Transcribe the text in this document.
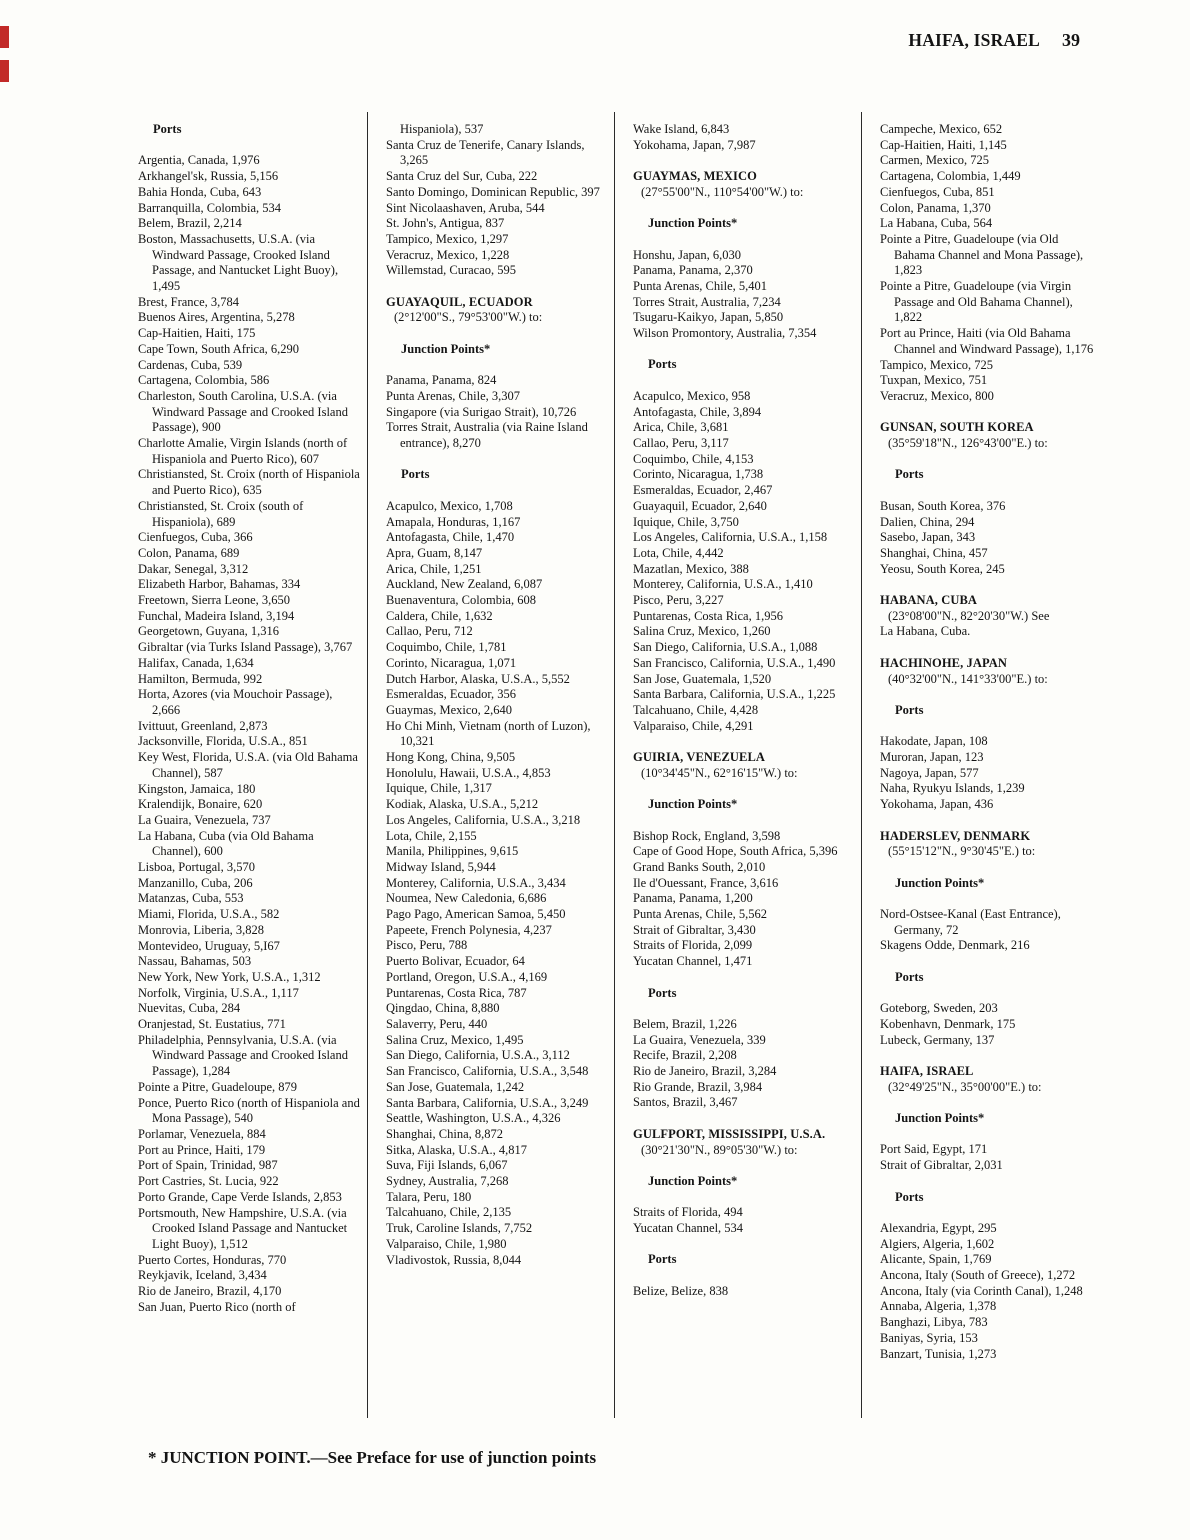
HAIFA, ISRAEL 39
Ports
Argentia, Canada, 1,976
Arkhangel'sk, Russia, 5,156
Bahia Honda, Cuba, 643
Barranquilla, Colombia, 534
Belem, Brazil, 2,214
Boston, Massachusetts, U.S.A. (via Windward Passage, Crooked Island Passage, and Nantucket Light Buoy), 1,495
Brest, France, 3,784
Buenos Aires, Argentina, 5,278
Cap-Haitien, Haiti, 175
Cape Town, South Africa, 6,290
Cardenas, Cuba, 539
Cartagena, Colombia, 586
Charleston, South Carolina, U.S.A. (via Windward Passage and Crooked Island Passage), 900
Charlotte Amalie, Virgin Islands (north of Hispaniola and Puerto Rico), 607
Christiansted, St. Croix (north of Hispaniola and Puerto Rico), 635
Christiansted, St. Croix (south of Hispaniola), 689
Cienfuegos, Cuba, 366
Colon, Panama, 689
Dakar, Senegal, 3,312
Elizabeth Harbor, Bahamas, 334
Freetown, Sierra Leone, 3,650
Funchal, Madeira Island, 3,194
Georgetown, Guyana, 1,316
Gibraltar (via Turks Island Passage), 3,767
Halifax, Canada, 1,634
Hamilton, Bermuda, 992
Horta, Azores (via Mouchoir Passage), 2,666
Ivittuut, Greenland, 2,873
Jacksonville, Florida, U.S.A., 851
Key West, Florida, U.S.A. (via Old Bahama Channel), 587
Kingston, Jamaica, 180
Kralendijk, Bonaire, 620
La Guaira, Venezuela, 737
La Habana, Cuba (via Old Bahama Channel), 600
Lisboa, Portugal, 3,570
Manzanillo, Cuba, 206
Matanzas, Cuba, 553
Miami, Florida, U.S.A., 582
Monrovia, Liberia, 3,828
Montevideo, Uruguay, 5,I67
Nassau, Bahamas, 503
New York, New York, U.S.A., 1,312
Norfolk, Virginia, U.S.A., 1,117
Nuevitas, Cuba, 284
Oranjestad, St. Eustatius, 771
Philadelphia, Pennsylvania, U.S.A. (via Windward Passage and Crooked Island Passage), 1,284
Pointe a Pitre, Guadeloupe, 879
Ponce, Puerto Rico (north of Hispaniola and Mona Passage), 540
Porlamar, Venezuela, 884
Port au Prince, Haiti, 179
Port of Spain, Trinidad, 987
Port Castries, St. Lucia, 922
Porto Grande, Cape Verde Islands, 2,853
Portsmouth, New Hampshire, U.S.A. (via Crooked Island Passage and Nantucket Light Buoy), 1,512
Puerto Cortes, Honduras, 770
Reykjavik, Iceland, 3,434
Rio de Janeiro, Brazil, 4,170
San Juan, Puerto Rico (north of
Hispaniola), 537
Santa Cruz de Tenerife, Canary Islands, 3,265
Santa Cruz del Sur, Cuba, 222
Santo Domingo, Dominican Republic, 397
Sint Nicolaashaven, Aruba, 544
St. John's, Antigua, 837
Tampico, Mexico, 1,297
Veracruz, Mexico, 1,228
Willemstad, Curacao, 595
GUAYAQUIL, ECUADOR
(2°12'00"S., 79°53'00"W.) to:
Junction Points*
Panama, Panama, 824
Punta Arenas, Chile, 3,307
Singapore (via Surigao Strait), 10,726
Torres Strait, Australia (via Raine Island entrance), 8,270
Ports
Acapulco, Mexico, 1,708
Amapala, Honduras, 1,167
Antofagasta, Chile, 1,470
Apra, Guam, 8,147
Arica, Chile, 1,251
Auckland, New Zealand, 6,087
Buenaventura, Colombia, 608
Caldera, Chile, 1,632
Callao, Peru, 712
Coquimbo, Chile, 1,781
Corinto, Nicaragua, 1,071
Dutch Harbor, Alaska, U.S.A., 5,552
Esmeraldas, Ecuador, 356
Guaymas, Mexico, 2,640
Ho Chi Minh, Vietnam (north of Luzon), 10,321
Hong Kong, China, 9,505
Honolulu, Hawaii, U.S.A., 4,853
Iquique, Chile, 1,317
Kodiak, Alaska, U.S.A., 5,212
Los Angeles, California, U.S.A., 3,218
Lota, Chile, 2,155
Manila, Philippines, 9,615
Midway Island, 5,944
Monterey, California, U.S.A., 3,434
Noumea, New Caledonia, 6,686
Pago Pago, American Samoa, 5,450
Papeete, French Polynesia, 4,237
Pisco, Peru, 788
Puerto Bolivar, Ecuador, 64
Portland, Oregon, U.S.A., 4,169
Puntarenas, Costa Rica, 787
Qingdao, China, 8,880
Salaverry, Peru, 440
Salina Cruz, Mexico, 1,495
San Diego, California, U.S.A., 3,112
San Francisco, California, U.S.A., 3,548
San Jose, Guatemala, 1,242
Santa Barbara, California, U.S.A., 3,249
Seattle, Washington, U.S.A., 4,326
Shanghai, China, 8,872
Sitka, Alaska, U.S.A., 4,817
Suva, Fiji Islands, 6,067
Sydney, Australia, 7,268
Talara, Peru, 180
Talcahuano, Chile, 2,135
Truk, Caroline Islands, 7,752
Valparaiso, Chile, 1,980
Vladivostok, Russia, 8,044
Wake Island, 6,843
Yokohama, Japan, 7,987
GUAYMAS, MEXICO
(27°55'00"N., 110°54'00"W.) to:
Junction Points*
Honshu, Japan, 6,030
Panama, Panama, 2,370
Punta Arenas, Chile, 5,401
Torres Strait, Australia, 7,234
Tsugaru-Kaikyo, Japan, 5,850
Wilson Promontory, Australia, 7,354
Ports
Acapulco, Mexico, 958
Antofagasta, Chile, 3,894
Arica, Chile, 3,681
Callao, Peru, 3,117
Coquimbo, Chile, 4,153
Corinto, Nicaragua, 1,738
Esmeraldas, Ecuador, 2,467
Guayaquil, Ecuador, 2,640
Iquique, Chile, 3,750
Los Angeles, California, U.S.A., 1,158
Lota, Chile, 4,442
Mazatlan, Mexico, 388
Monterey, California, U.S.A., 1,410
Pisco, Peru, 3,227
Puntarenas, Costa Rica, 1,956
Salina Cruz, Mexico, 1,260
San Diego, California, U.S.A., 1,088
San Francisco, California, U.S.A., 1,490
San Jose, Guatemala, 1,520
Santa Barbara, California, U.S.A., 1,225
Talcahuano, Chile, 4,428
Valparaiso, Chile, 4,291
GUIRIA, VENEZUELA
(10°34'45"N., 62°16'15"W.) to:
Junction Points*
Bishop Rock, England, 3,598
Cape of Good Hope, South Africa, 5,396
Grand Banks South, 2,010
Ile d'Ouessant, France, 3,616
Panama, Panama, 1,200
Punta Arenas, Chile, 5,562
Strait of Gibraltar, 3,430
Straits of Florida, 2,099
Yucatan Channel, 1,471
Ports
Belem, Brazil, 1,226
La Guaira, Venezuela, 339
Recife, Brazil, 2,208
Rio de Janeiro, Brazil, 3,284
Rio Grande, Brazil, 3,984
Santos, Brazil, 3,467
GULFPORT, MISSISSIPPI, U.S.A.
(30°21'30"N., 89°05'30"W.) to:
Junction Points*
Straits of Florida, 494
Yucatan Channel, 534
Ports
Belize, Belize, 838
Campeche, Mexico, 652
Cap-Haitien, Haiti, 1,145
Carmen, Mexico, 725
Cartagena, Colombia, 1,449
Cienfuegos, Cuba, 851
Colon, Panama, 1,370
La Habana, Cuba, 564
Pointe a Pitre, Guadeloupe (via Old Bahama Channel and Mona Passage), 1,823
Pointe a Pitre, Guadeloupe (via Virgin Passage and Old Bahama Channel), 1,822
Port au Prince, Haiti (via Old Bahama Channel and Windward Passage), 1,176
Tampico, Mexico, 725
Tuxpan, Mexico, 751
Veracruz, Mexico, 800
GUNSAN, SOUTH KOREA
(35°59'18"N., 126°43'00"E.) to:
Ports
Busan, South Korea, 376
Dalien, China, 294
Sasebo, Japan, 343
Shanghai, China, 457
Yeosu, South Korea, 245
HABANA, CUBA
(23°08'00"N., 82°20'30"W.) See
La Habana, Cuba.
HACHINOHE, JAPAN
(40°32'00"N., 141°33'00"E.) to:
Ports
Hakodate, Japan, 108
Muroran, Japan, 123
Nagoya, Japan, 577
Naha, Ryukyu Islands, 1,239
Yokohama, Japan, 436
HADERSLEV, DENMARK
(55°15'12"N., 9°30'45"E.) to:
Junction Points*
Nord-Ostsee-Kanal (East Entrance), Germany, 72
Skagens Odde, Denmark, 216
Ports
Goteborg, Sweden, 203
Kobenhavn, Denmark, 175
Lubeck, Germany, 137
HAIFA, ISRAEL
(32°49'25"N., 35°00'00"E.) to:
Junction Points*
Port Said, Egypt, 171
Strait of Gibraltar, 2,031
Ports
Alexandria, Egypt, 295
Algiers, Algeria, 1,602
Alicante, Spain, 1,769
Ancona, Italy (South of Greece), 1,272
Ancona, Italy (via Corinth Canal), 1,248
Annaba, Algeria, 1,378
Banghazi, Libya, 783
Baniyas, Syria, 153
Banzart, Tunisia, 1,273
* JUNCTION POINT.—See Preface for use of junction points
